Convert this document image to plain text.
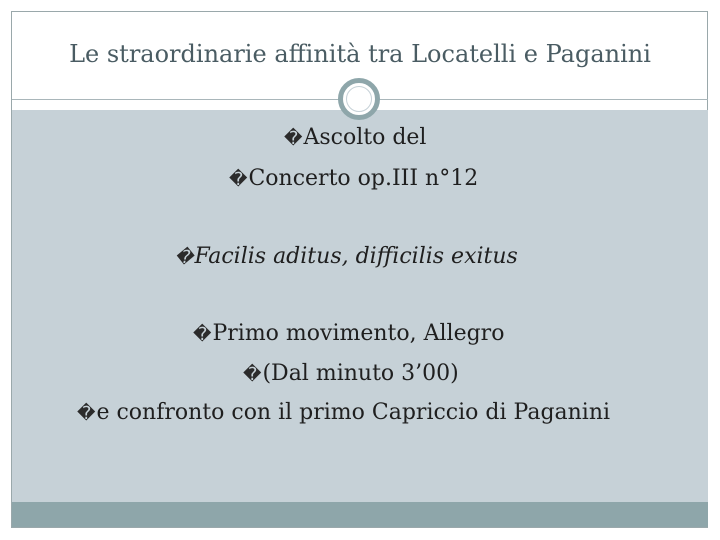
Le straordinarie affinità tra Locatelli e Paganini
�Ascolto del
�Concerto op.III n°12
�Facilis aditus, difficilis exitus
�Primo movimento, Allegro
�(Dal minuto 3’00)
�e confronto con il primo Capriccio di Paganini
